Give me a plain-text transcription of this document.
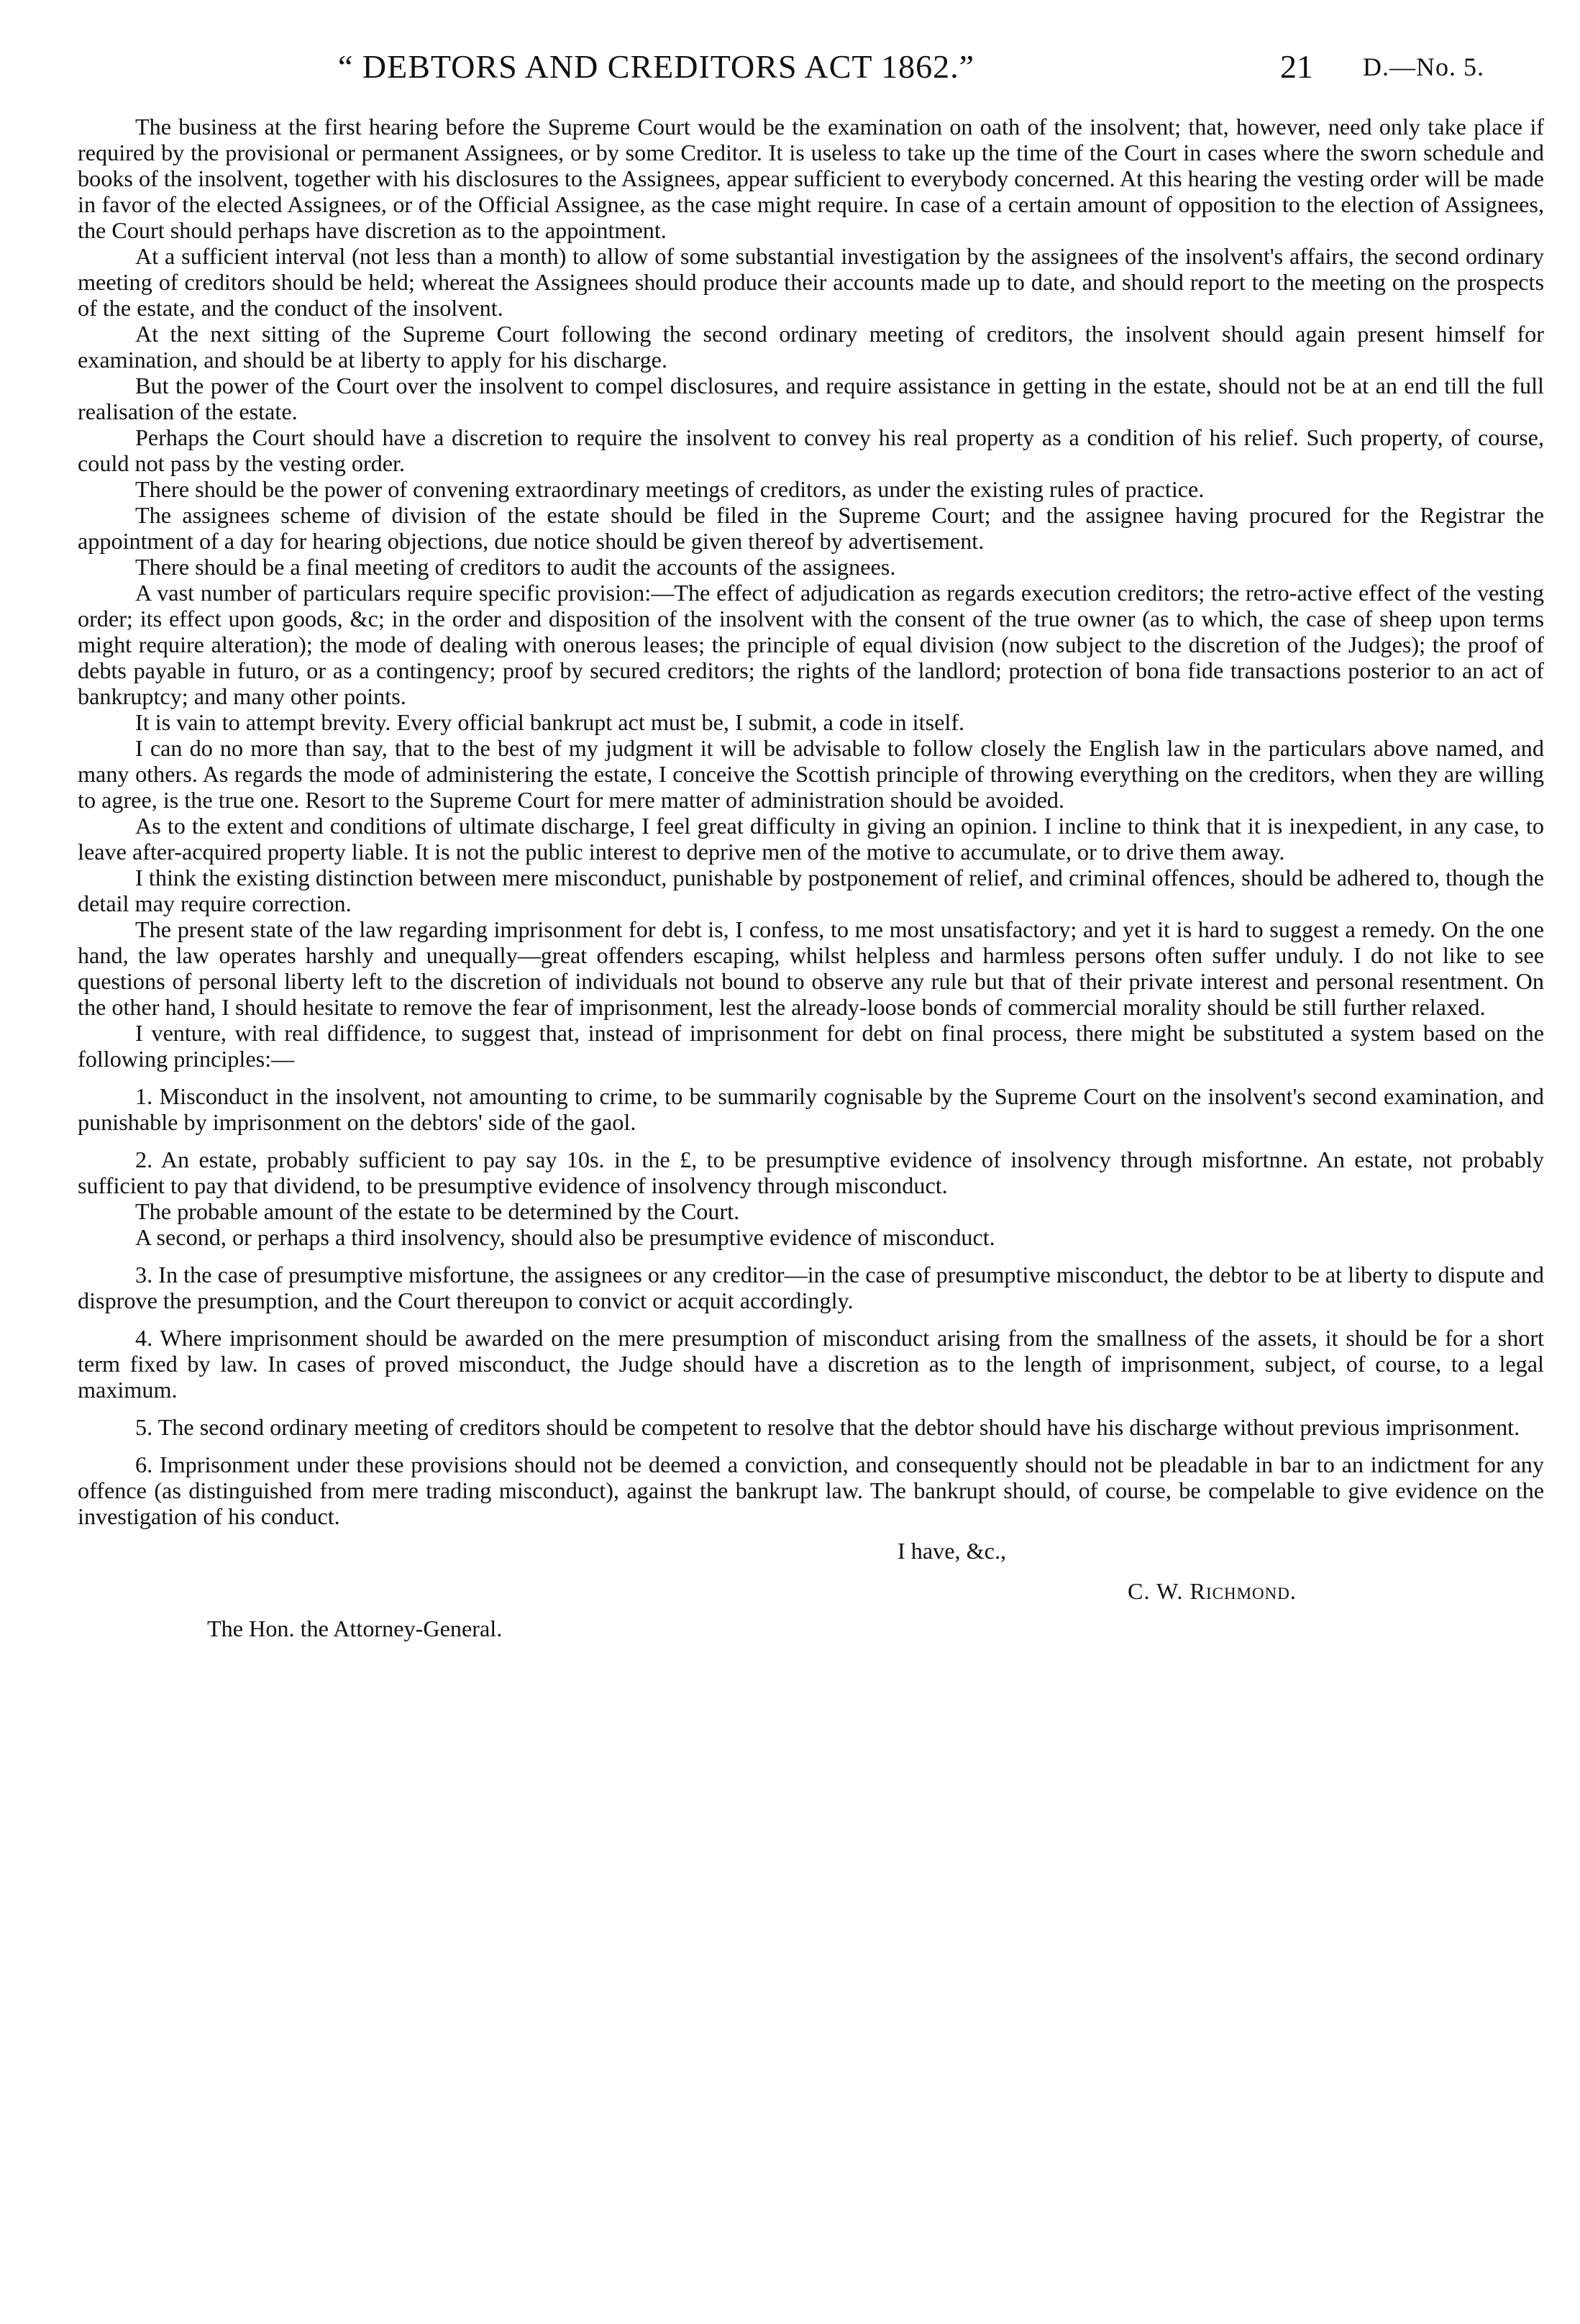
“ DEBTORS AND CREDITORS ACT 1862.”	21 D.—No. 5.

The business at the first hearing before the Supreme Court would be the examination on oath of the insolvent; that, however, need only take place if required by the provisional or permanent Assignees, or by some Creditor. It is useless to take up the time of the Court in cases where the sworn schedule and books of the insolvent, together with his disclosures to the Assignees, appear sufficient to everybody concerned. At this hearing the vesting order will be made in favor of the elected Assignees, or of the Official Assignee, as the case might require. In case of a certain amount of opposition to the election of Assignees, the Court should perhaps have discretion as to the appointment.

At a sufficient interval (not less than a month) to allow of some substantial investigation by the assignees of the insolvent's affairs, the second ordinary meeting of creditors should be held; whereat the Assignees should produce their accounts made up to date, and should report to the meeting on the prospects of the estate, and the conduct of the insolvent.

At the next sitting of the Supreme Court following the second ordinary meeting of creditors, the insolvent should again present himself for examination, and should be at liberty to apply for his discharge.

But the power of the Court over the insolvent to compel disclosures, and require assistance in getting in the estate, should not be at an end till the full realisation of the estate.

Perhaps the Court should have a discretion to require the insolvent to convey his real property as a condition of his relief. Such property, of course, could not pass by the vesting order.

There should be the power of convening extraordinary meetings of creditors, as under the existing rules of practice.

The assignees scheme of division of the estate should be filed in the Supreme Court; and the assignee having procured for the Registrar the appointment of a day for hearing objections, due notice should be given thereof by advertisement.

There should be a final meeting of creditors to audit the accounts of the assignees.

A vast number of particulars require specific provision:—The effect of adjudication as regards execution creditors; the retro-active effect of the vesting order; its effect upon goods, &c; in the order and disposition of the insolvent with the consent of the true owner (as to which, the case of sheep upon terms might require alteration); the mode of dealing with onerous leases; the principle of equal division (now subject to the discretion of the Judges); the proof of debts payable in futuro, or as a contingency; proof by secured creditors; the rights of the landlord; protection of bona fide transactions posterior to an act of bankruptcy; and many other points.

It is vain to attempt brevity. Every official bankrupt act must be, I submit, a code in itself.

I can do no more than say, that to the best of my judgment it will be advisable to follow closely the English law in the particulars above named, and many others. As regards the mode of administering the estate, I conceive the Scottish principle of throwing everything on the creditors, when they are willing to agree, is the true one. Resort to the Supreme Court for mere matter of administration should be avoided.

As to the extent and conditions of ultimate discharge, I feel great difficulty in giving an opinion. I incline to think that it is inexpedient, in any case, to leave after-acquired property liable. It is not the public interest to deprive men of the motive to accumulate, or to drive them away.

I think the existing distinction between mere misconduct, punishable by postponement of relief, and criminal offences, should be adhered to, though the detail may require correction.

The present state of the law regarding imprisonment for debt is, I confess, to me most unsatisfactory; and yet it is hard to suggest a remedy. On the one hand, the law operates harshly and unequally—great offenders escaping, whilst helpless and harmless persons often suffer unduly. I do not like to see questions of personal liberty left to the discretion of individuals not bound to observe any rule but that of their private interest and personal resentment. On the other hand, I should hesitate to remove the fear of imprisonment, lest the already-loose bonds of commercial morality should be still further relaxed.

I venture, with real diffidence, to suggest that, instead of imprisonment for debt on final process, there might be substituted a system based on the following principles:—

1. Misconduct in the insolvent, not amounting to crime, to be summarily cognisable by the Supreme Court on the insolvent's second examination, and punishable by imprisonment on the debtors' side of the gaol.

2. An estate, probably sufficient to pay say 10s. in the £, to be presumptive evidence of insolvency through misfortnne. An estate, not probably sufficient to pay that dividend, to be presumptive evidence of insolvency through misconduct.

The probable amount of the estate to be determined by the Court.

A second, or perhaps a third insolvency, should also be presumptive evidence of misconduct.

3. In the case of presumptive misfortune, the assignees or any creditor—in the case of presumptive misconduct, the debtor to be at liberty to dispute and disprove the presumption, and the Court thereupon to convict or acquit accordingly.

4. Where imprisonment should be awarded on the mere presumption of misconduct arising from the smallness of the assets, it should be for a short term fixed by law. In cases of proved misconduct, the Judge should have a discretion as to the length of imprisonment, subject, of course, to a legal maximum.

5. The second ordinary meeting of creditors should be competent to resolve that the debtor should have his discharge without previous imprisonment.

6. Imprisonment under these provisions should not be deemed a conviction, and consequently should not be pleadable in bar to an indictment for any offence (as distinguished from mere trading misconduct), against the bankrupt law. The bankrupt should, of course, be compelable to give evidence on the investigation of his conduct.

I have, &c.,
C. W. Richmond.
The Hon. the Attorney-General.
